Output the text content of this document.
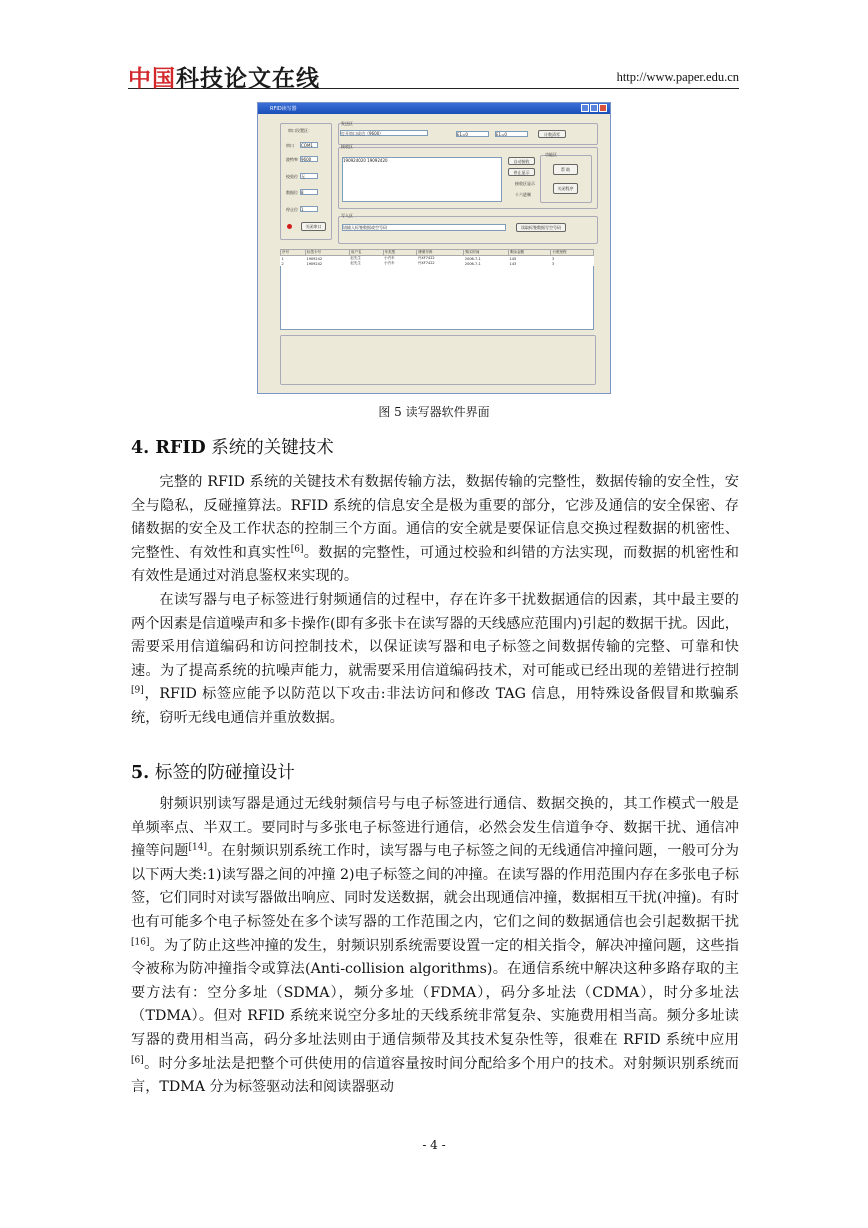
中国科技论文在线	http://www.paper.edu.cn
RFID读写器
串口设置区：
串口 COM1
波特率 9600
校验位 无
数据位 8
停止位 1
关闭串口
发送区
打开串口成功（9600）	E1=0	E1=0	计数清零
接收区
190924020 19092420	自动接收
停止显示
接收区显示
十六进制
功能区
帮 助
关闭程序
写入区
请输入标签数据或空号码	读取标签数据写空号码
序号	标签卡号	用户名	车类型	牌照号码	购买时间	剩余金额	行驶里程
1	1909242	赵先生	小汽车	丹XF7422	2006-7-1	145	3
2	1909242	赵先生	小汽车	丹XF7422	2006-7-1	143	3
图 5 读写器软件界面
4. RFID 系统的关键技术

完整的 RFID 系统的关键技术有数据传输方法，数据传输的完整性，数据传输的安全性，安全与隐私，反碰撞算法。RFID 系统的信息安全是极为重要的部分，它涉及通信的安全保密、存储数据的安全及工作状态的控制三个方面。通信的安全就是要保证信息交换过程数据的机密性、完整性、有效性和真实性[6]。数据的完整性，可通过校验和纠错的方法实现，而数据的机密性和有效性是通过对消息鉴权来实现的。

在读写器与电子标签进行射频通信的过程中，存在许多干扰数据通信的因素，其中最主要的两个因素是信道噪声和多卡操作(即有多张卡在读写器的天线感应范围内)引起的数据干扰。因此，需要采用信道编码和访问控制技术，以保证读写器和电子标签之间数据传输的完整、可靠和快速。为了提高系统的抗噪声能力，就需要采用信道编码技术，对可能或已经出现的差错进行控制[9]，RFID 标签应能予以防范以下攻击:非法访问和修改 TAG 信息，用特殊设备假冒和欺骗系统，窃听无线电通信并重放数据。

5. 标签的防碰撞设计

射频识别读写器是通过无线射频信号与电子标签进行通信、数据交换的，其工作模式一般是单频率点、半双工。要同时与多张电子标签进行通信，必然会发生信道争夺、数据干扰、通信冲撞等问题[14]。在射频识别系统工作时，读写器与电子标签之间的无线通信冲撞问题，一般可分为以下两大类:1)读写器之间的冲撞 2)电子标签之间的冲撞。在读写器的作用范围内存在多张电子标签，它们同时对读写器做出响应、同时发送数据，就会出现通信冲撞，数据相互干扰(冲撞)。有时也有可能多个电子标签处在多个读写器的工作范围之内，它们之间的数据通信也会引起数据干扰[16]。为了防止这些冲撞的发生，射频识别系统需要设置一定的相关指令，解决冲撞问题，这些指令被称为防冲撞指令或算法(Anti-collision algorithms)。在通信系统中解决这种多路存取的主要方法有：空分多址（SDMA），频分多址（FDMA），码分多址法（CDMA），时分多址法（TDMA）。但对 RFID 系统来说空分多址的天线系统非常复杂、实施费用相当高。频分多址读写器的费用相当高，码分多址法则由于通信频带及其技术复杂性等，很难在 RFID 系统中应用[6]。时分多址法是把整个可供使用的信道容量按时间分配给多个用户的技术。对射频识别系统而言，TDMA 分为标签驱动法和阅读器驱动

- 4 -
